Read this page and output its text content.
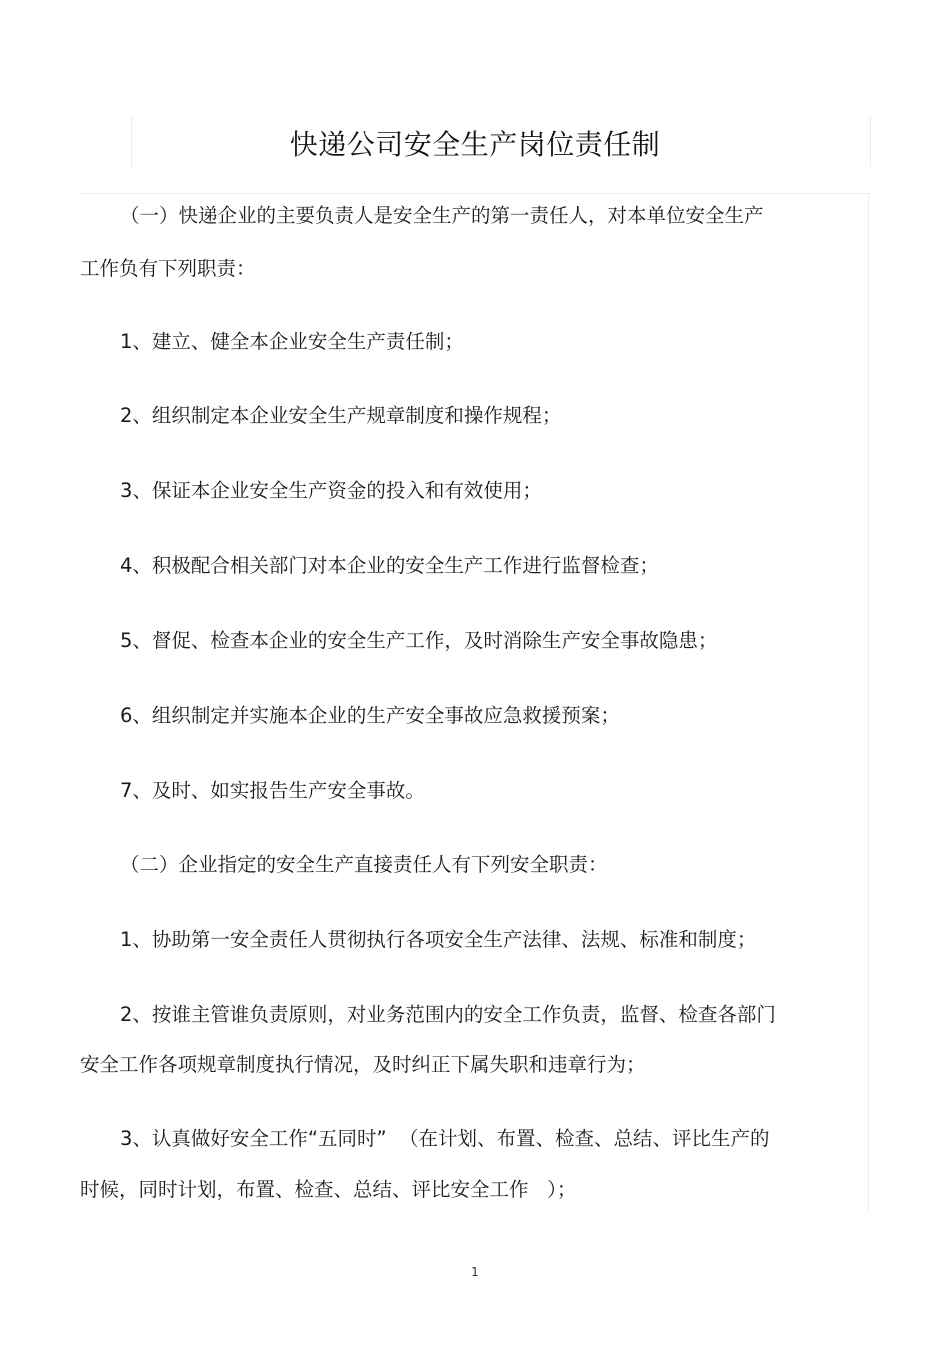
快递公司安全生产岗位责任制
（一）快递企业的主要负责人是安全生产的第一责任人，对本单位安全生产
工作负有下列职责：
1、建立、健全本企业安全生产责任制；
2、组织制定本企业安全生产规章制度和操作规程；
3、保证本企业安全生产资金的投入和有效使用；
4、积极配合相关部门对本企业的安全生产工作进行监督检查；
5、督促、检查本企业的安全生产工作，及时消除生产安全事故隐患；
6、组织制定并实施本企业的生产安全事故应急救援预案；
7、及时、如实报告生产安全事故。
（二）企业指定的安全生产直接责任人有下列安全职责：
1、协助第一安全责任人贯彻执行各项安全生产法律、法规、标准和制度；
2、按谁主管谁负责原则，对业务范围内的安全工作负责，监督、检查各部门
安全工作各项规章制度执行情况，及时纠正下属失职和违章行为；
3、认真做好安全工作“五同时”  （在计划、布置、检查、总结、评比生产的
时候，同时计划，布置、检查、总结、评比安全工作   ）；
1
